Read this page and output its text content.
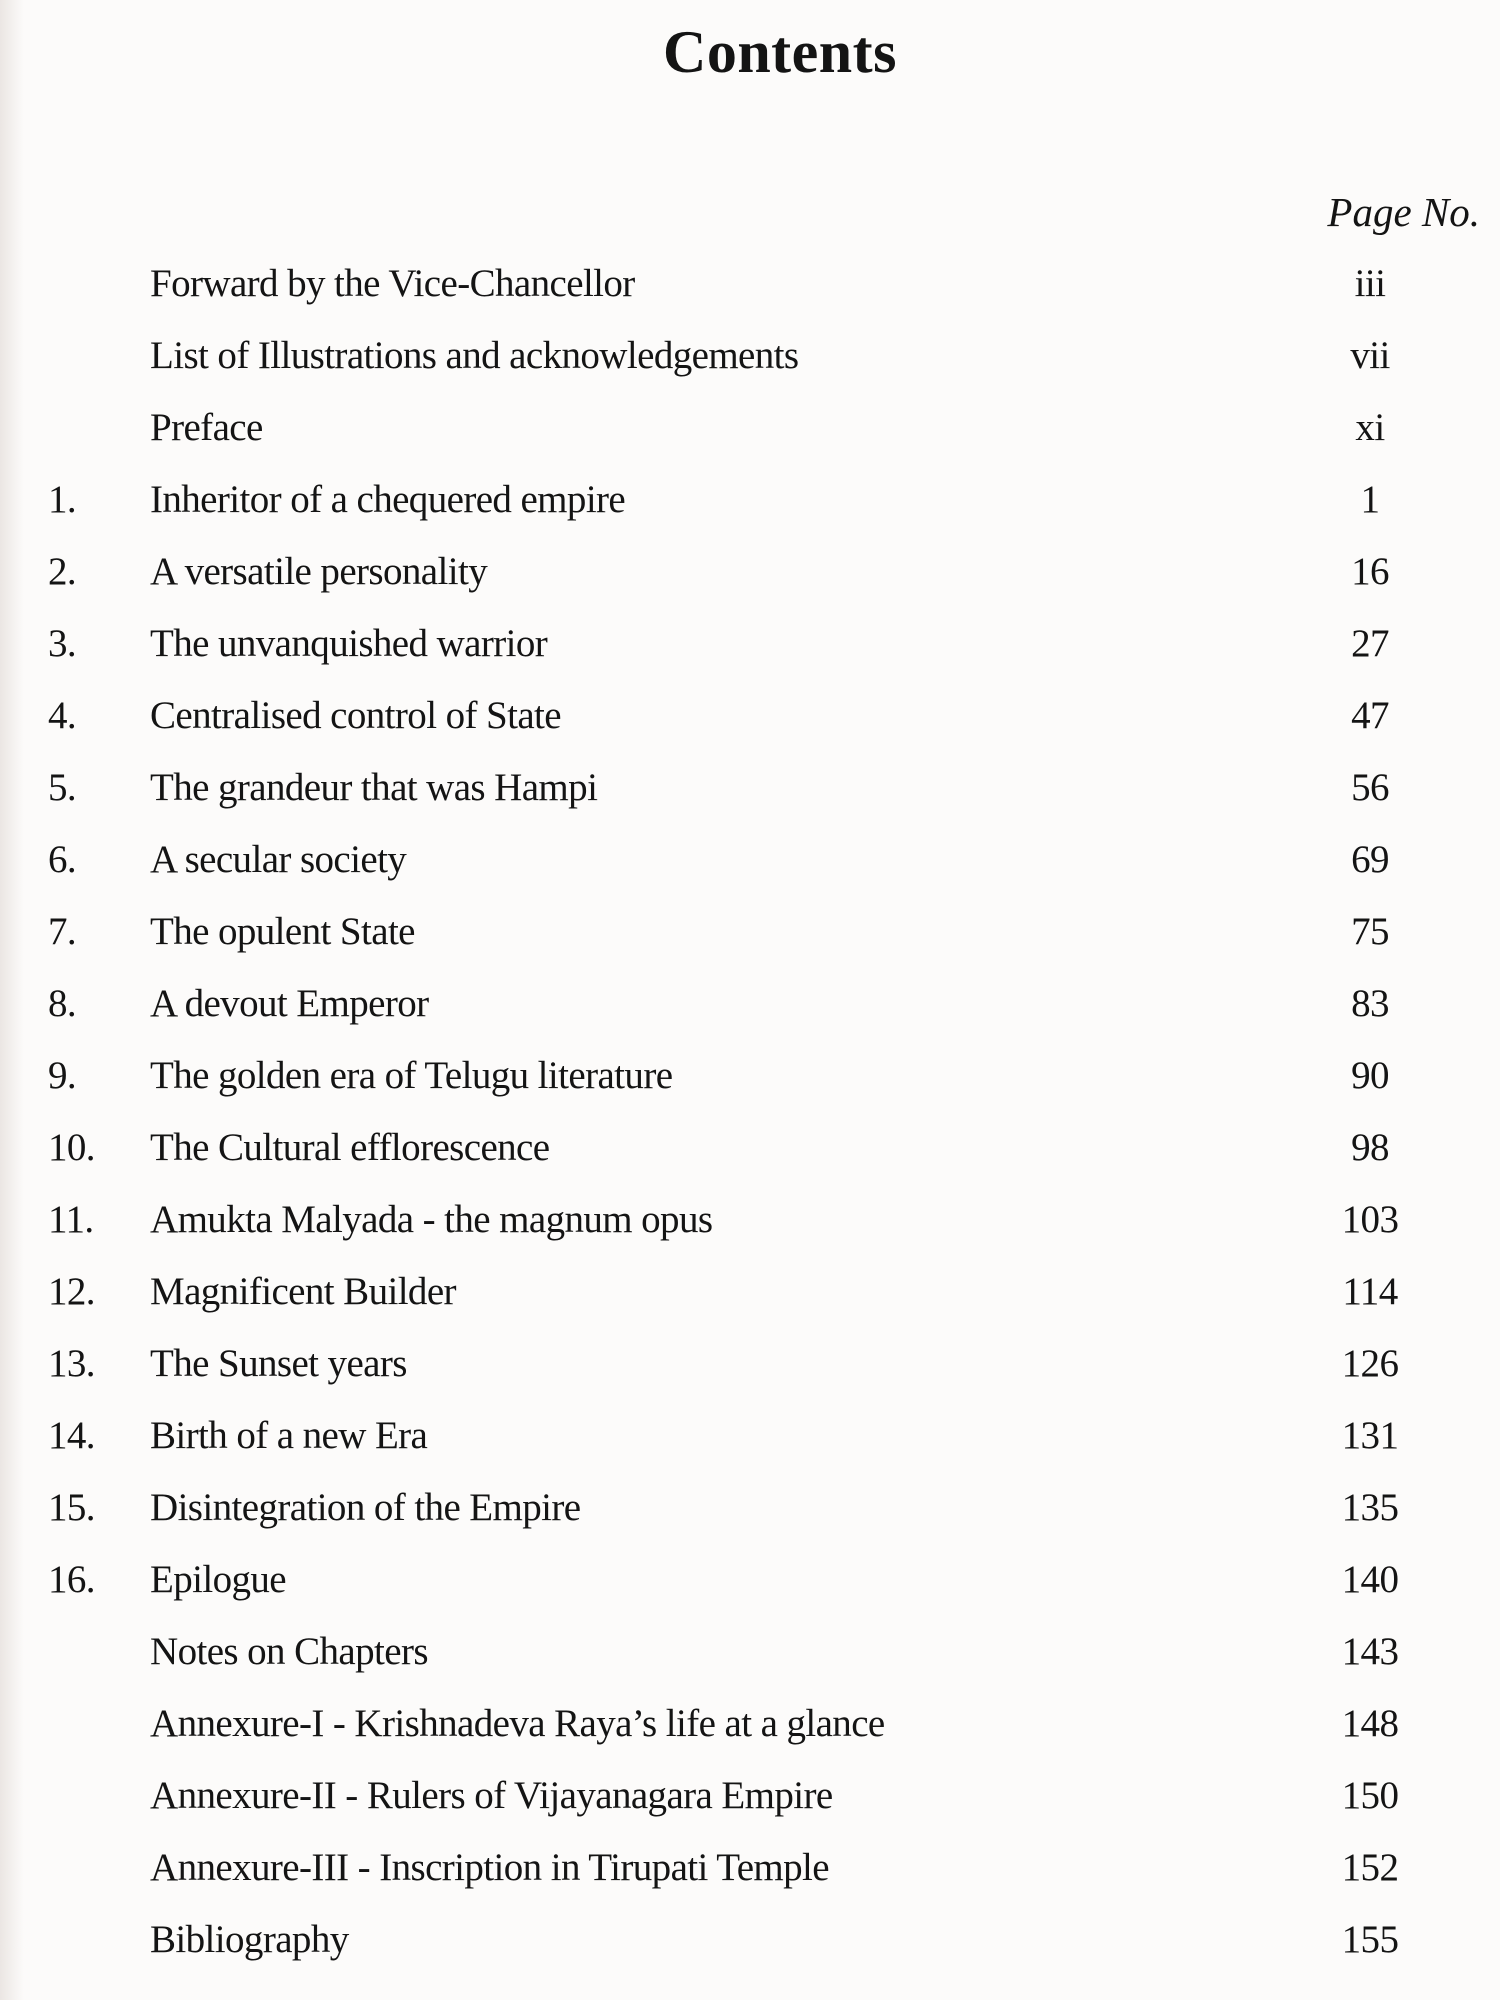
Contents
Page No.
Forward by the Vice-Chancellor	iii
List of Illustrations and acknowledgements	vii
Preface	xi
1. Inheritor of a chequered empire	1
2. A versatile personality	16
3. The unvanquished warrior	27
4. Centralised control of State	47
5. The grandeur that was Hampi	56
6. A secular society	69
7. The opulent State	75
8. A devout Emperor	83
9. The golden era of Telugu literature	90
10. The Cultural efflorescence	98
11. Amukta Malyada - the magnum opus	103
12. Magnificent Builder	114
13. The Sunset years	126
14. Birth of a new Era	131
15. Disintegration of the Empire	135
16. Epilogue	140
Notes on Chapters	143
Annexure-I - Krishnadeva Raya’s life at a glance	148
Annexure-II - Rulers of Vijayanagara Empire	150
Annexure-III - Inscription in Tirupati Temple	152
Bibliography	155
